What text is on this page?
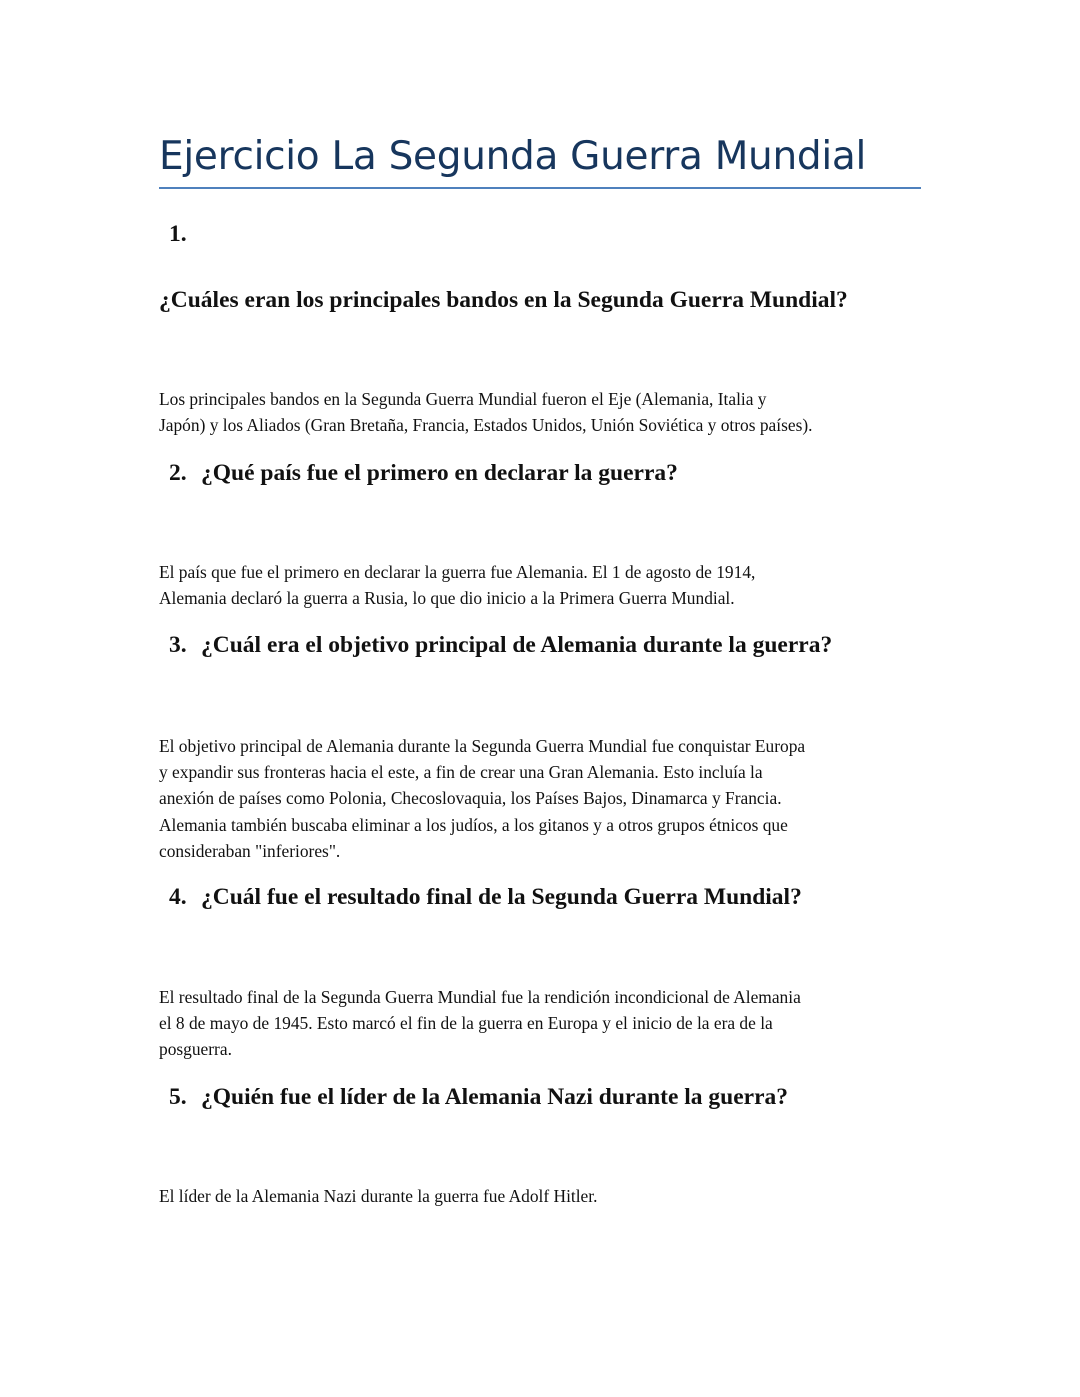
Ejercicio La Segunda Guerra Mundial
1.
¿Cuáles eran los principales bandos en la Segunda Guerra Mundial?
Los principales bandos en la Segunda Guerra Mundial fueron el Eje (Alemania, Italia y
Japón) y los Aliados (Gran Bretaña, Francia, Estados Unidos, Unión Soviética y otros países).
2. ¿Qué país fue el primero en declarar la guerra?
El país que fue el primero en declarar la guerra fue Alemania. El 1 de agosto de 1914,
Alemania declaró la guerra a Rusia, lo que dio inicio a la Primera Guerra Mundial.
3. ¿Cuál era el objetivo principal de Alemania durante la guerra?
El objetivo principal de Alemania durante la Segunda Guerra Mundial fue conquistar Europa
y expandir sus fronteras hacia el este, a fin de crear una Gran Alemania. Esto incluía la
anexión de países como Polonia, Checoslovaquia, los Países Bajos, Dinamarca y Francia.
Alemania también buscaba eliminar a los judíos, a los gitanos y a otros grupos étnicos que
consideraban "inferiores".
4. ¿Cuál fue el resultado final de la Segunda Guerra Mundial?
El resultado final de la Segunda Guerra Mundial fue la rendición incondicional de Alemania
el 8 de mayo de 1945. Esto marcó el fin de la guerra en Europa y el inicio de la era de la
posguerra.
5. ¿Quién fue el líder de la Alemania Nazi durante la guerra?
El líder de la Alemania Nazi durante la guerra fue Adolf Hitler.
